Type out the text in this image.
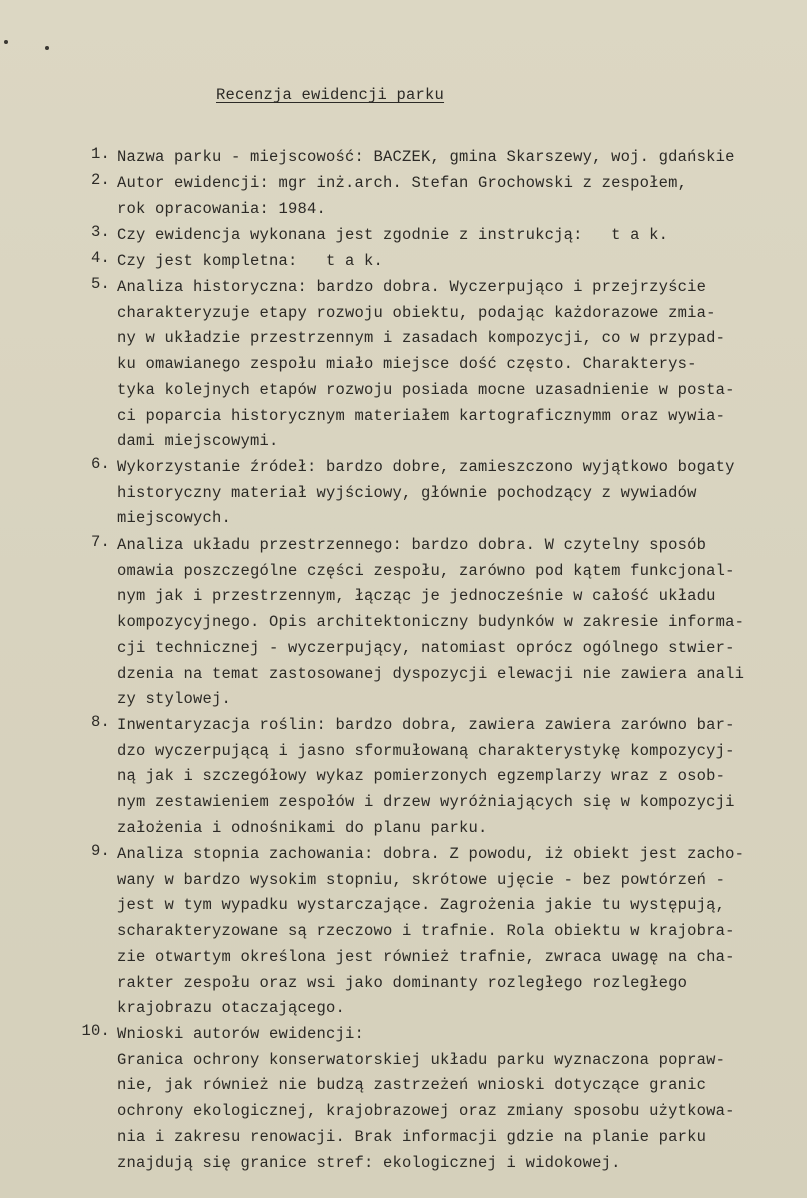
Recenzja ewidencji parku
1. Nazwa parku - miejscowość: BACZEK, gmina Skarszewy, woj. gdańskie
2. Autor ewidencji: mgr inż.arch. Stefan Grochowski z zespołem,
rok opracowania: 1984.
3. Czy ewidencja wykonana jest zgodnie z instrukcją:   t a k.
4. Czy jest kompletna:   t a k.
5. Analiza historyczna: bardzo dobra. Wyczerpująco i przejrzyście
charakteryzuje etapy rozwoju obiektu, podając każdorazowe zmia-
ny w układzie przestrzennym i zasadach kompozycji, co w przypad-
ku omawianego zespołu miało miejsce dość często. Charakterys-
tyka kolejnych etapów rozwoju posiada mocne uzasadnienie w posta-
ci poparcia historycznym materiałem kartograficznymm oraz wywia-
dami miejscowymi.
6. Wykorzystanie źródeł: bardzo dobre, zamieszczono wyjątkowo bogaty
historyczny materiał wyjściowy, głównie pochodzący z wywiadów
miejscowych.
7. Analiza układu przestrzennego: bardzo dobra. W czytelny sposób
omawia poszczególne części zespołu, zarówno pod kątem funkcjonal-
nym jak i przestrzennym, łącząc je jednocześnie w całość układu
kompozycyjnego. Opis architektoniczny budynków w zakresie informa-
cji technicznej - wyczerpujący, natomiast oprócz ogólnego stwier-
dzenia na temat zastosowanej dyspozycji elewacji nie zawiera anali
zy stylowej.
8. Inwentaryzacja roślin: bardzo dobra, zawiera zawiera zarówno bar-
dzo wyczerpującą i jasno sformułowaną charakterystykę kompozycyj-
ną jak i szczegółowy wykaz pomierzonych egzemplarzy wraz z osob-
nym zestawieniem zespołów i drzew wyróżniających się w kompozycji
założenia i odnośnikami do planu parku.
9. Analiza stopnia zachowania: dobra. Z powodu, iż obiekt jest zacho-
wany w bardzo wysokim stopniu, skrótowe ujęcie - bez powtórzeń -
jest w tym wypadku wystarczające. Zagrożenia jakie tu występują,
scharakteryzowane są rzeczowo i trafnie. Rola obiektu w krajobra-
zie otwartym określona jest również trafnie, zwraca uwagę na cha-
rakter zespołu oraz wsi jako dominanty rozległego rozległego
krajobrazu otaczającego.
10. Wnioski autorów ewidencji:
Granica ochrony konserwatorskiej układu parku wyznaczona popraw-
nie, jak również nie budzą zastrzeżeń wnioski dotyczące granic
ochrony ekologicznej, krajobrazowej oraz zmiany sposobu użytkowa-
nia i zakresu renowacji. Brak informacji gdzie na planie parku
znajdują się granice stref: ekologicznej i widokowej.
